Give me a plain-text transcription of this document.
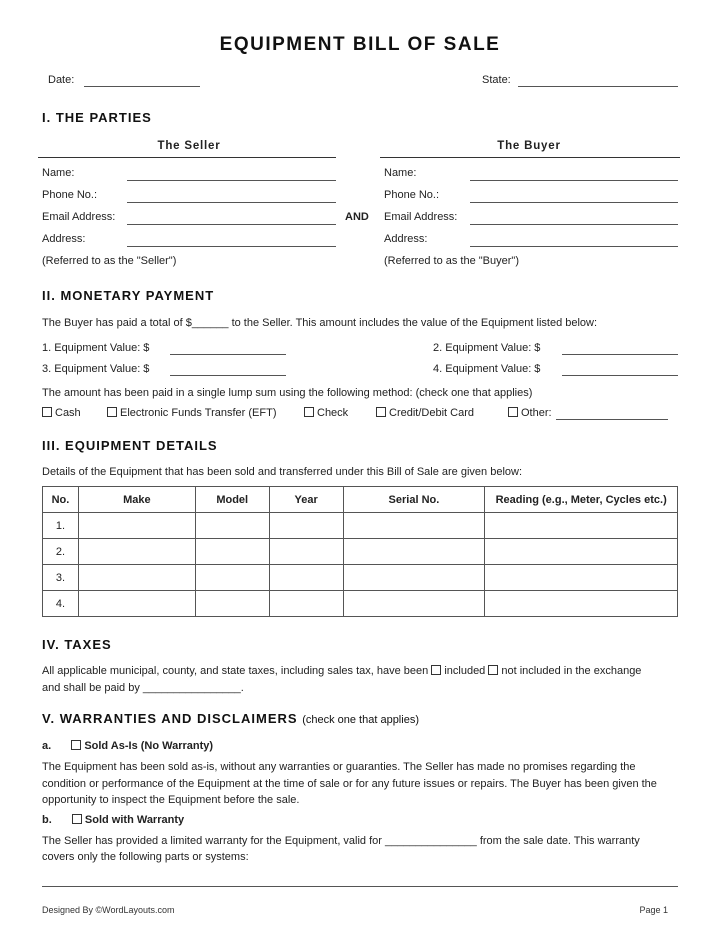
EQUIPMENT BILL OF SALE
Date:	State:
I. THE PARTIES
The Seller	The Buyer
Name:
Phone No.:
Email Address:
Address:
(Referred to as the "Seller")
AND
Name:
Phone No.:
Email Address:
Address:
(Referred to as the "Buyer")
II. MONETARY PAYMENT
The Buyer has paid a total of $______ to the Seller. This amount includes the value of the Equipment listed below:
1. Equipment Value: $	2. Equipment Value: $
3. Equipment Value: $	4. Equipment Value: $
The amount has been paid in a single lump sum using the following method: (check one that applies)
Cash	Electronic Funds Transfer (EFT)	Check	Credit/Debit Card	Other:
III. EQUIPMENT DETAILS
Details of the Equipment that has been sold and transferred under this Bill of Sale are given below:
No.	Make	Model	Year	Serial No.	Reading (e.g., Meter, Cycles etc.)
1.					
2.					
3.					
4.					
IV. TAXES
All applicable municipal, county, and state taxes, including sales tax, have been included not included in the exchange
and shall be paid by ________________.
V. WARRANTIES AND DISCLAIMERS (check one that applies)
a.	Sold As-Is (No Warranty)
The Equipment has been sold as-is, without any warranties or guaranties. The Seller has made no promises regarding the condition or performance of the Equipment at the time of sale or for any future issues or repairs. The Buyer has been given the opportunity to inspect the Equipment before the sale.
b.	Sold with Warranty
The Seller has provided a limited warranty for the Equipment, valid for _______________ from the sale date. This warranty
covers only the following parts or systems:
Designed By ©WordLayouts.com	Page 1
